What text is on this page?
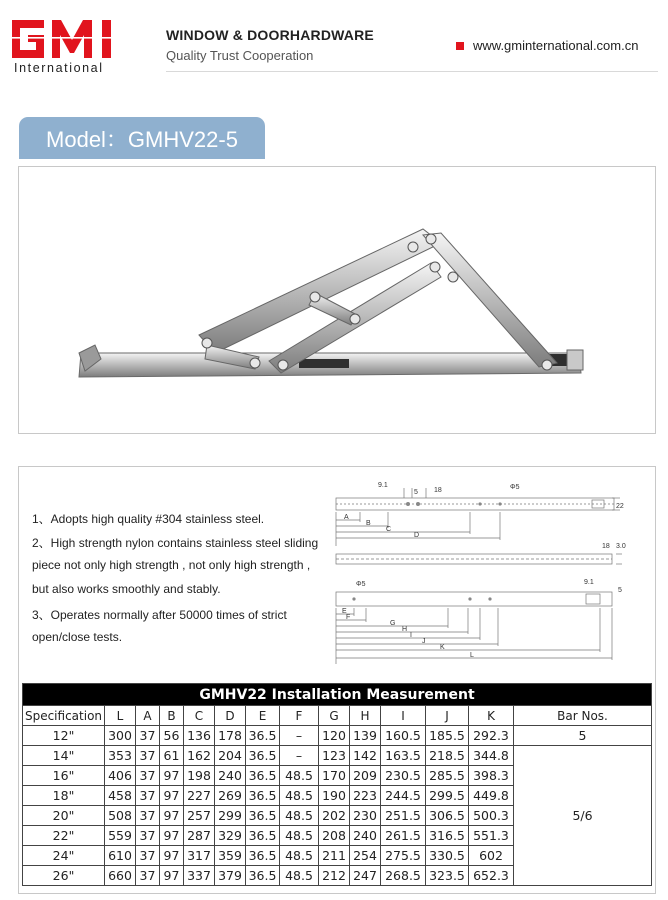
International
WINDOW & DOORHARDWARE
Quality Trust Cooperation
www.gminternational.com.cn
Model：GMHV22-5
1、Adopts high quality #304 stainless steel.
2、High strength nylon contains stainless steel sliding
piece not only high strength , not only high strength ,
but also works smoothly and stably.
3、Operates normally after 50000 times of strict
open/close tests.
9.1
5 18	Φ5
22
A
B
C
D
18 3.0
Φ5	9.1
5
E
F
G
H
I
J
K
L
GMHV22 Installation Measurement													
Specification	L	A	B	C	D	E	F	G	H	I	J	K	Bar Nos.
12"	300	37	56	136	178	36.5	–	120	139	160.5	185.5	292.3	5
14"	353	37	61	162	204	36.5	–	123	142	163.5	218.5	344.8	5/6
16"	406	37	97	198	240	36.5	48.5	170	209	230.5	285.5	398.3	
18"	458	37	97	227	269	36.5	48.5	190	223	244.5	299.5	449.8	
20"	508	37	97	257	299	36.5	48.5	202	230	251.5	306.5	500.3	
22"	559	37	97	287	329	36.5	48.5	208	240	261.5	316.5	551.3	
24"	610	37	97	317	359	36.5	48.5	211	254	275.5	330.5	602	
26"	660	37	97	337	379	36.5	48.5	212	247	268.5	323.5	652.3	
